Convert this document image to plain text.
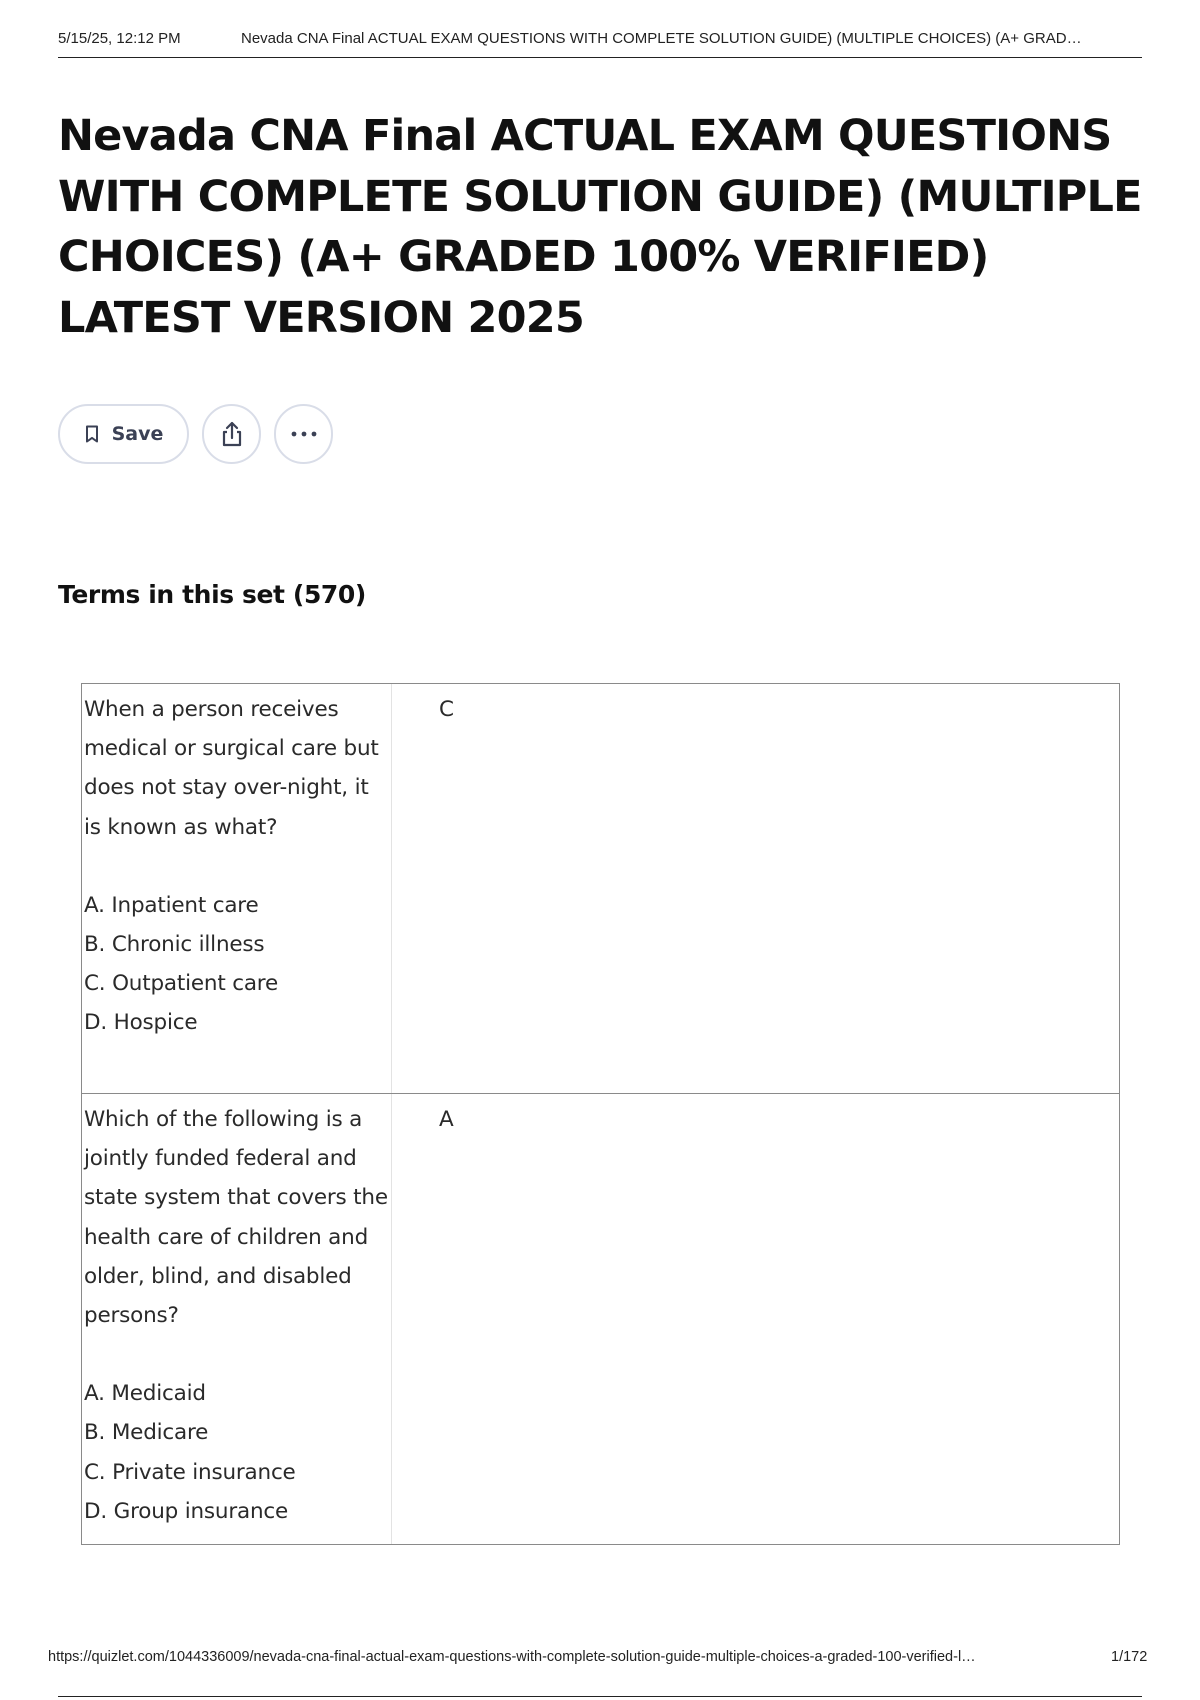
5/15/25, 12:12 PM	Nevada CNA Final ACTUAL EXAM QUESTIONS WITH COMPLETE SOLUTION GUIDE) (MULTIPLE CHOICES) (A+ GRAD…
Nevada CNA Final ACTUAL EXAM QUESTIONS WITH COMPLETE SOLUTION GUIDE) (MULTIPLE CHOICES) (A+ GRADED 100% VERIFIED) LATEST VERSION 2025
Save
Terms in this set (570)
When a person receives medical or surgical care but does not stay over-night, it is known as what?
A. Inpatient care
B. Chronic illness
C. Outpatient care
D. Hospice
C
Which of the following is a jointly funded federal and state system that covers the health care of children and older, blind, and disabled persons?
A. Medicaid
B. Medicare
C. Private insurance
D. Group insurance
A
https://quizlet.com/1044336009/nevada-cna-final-actual-exam-questions-with-complete-solution-guide-multiple-choices-a-graded-100-verified-l…	1/172
